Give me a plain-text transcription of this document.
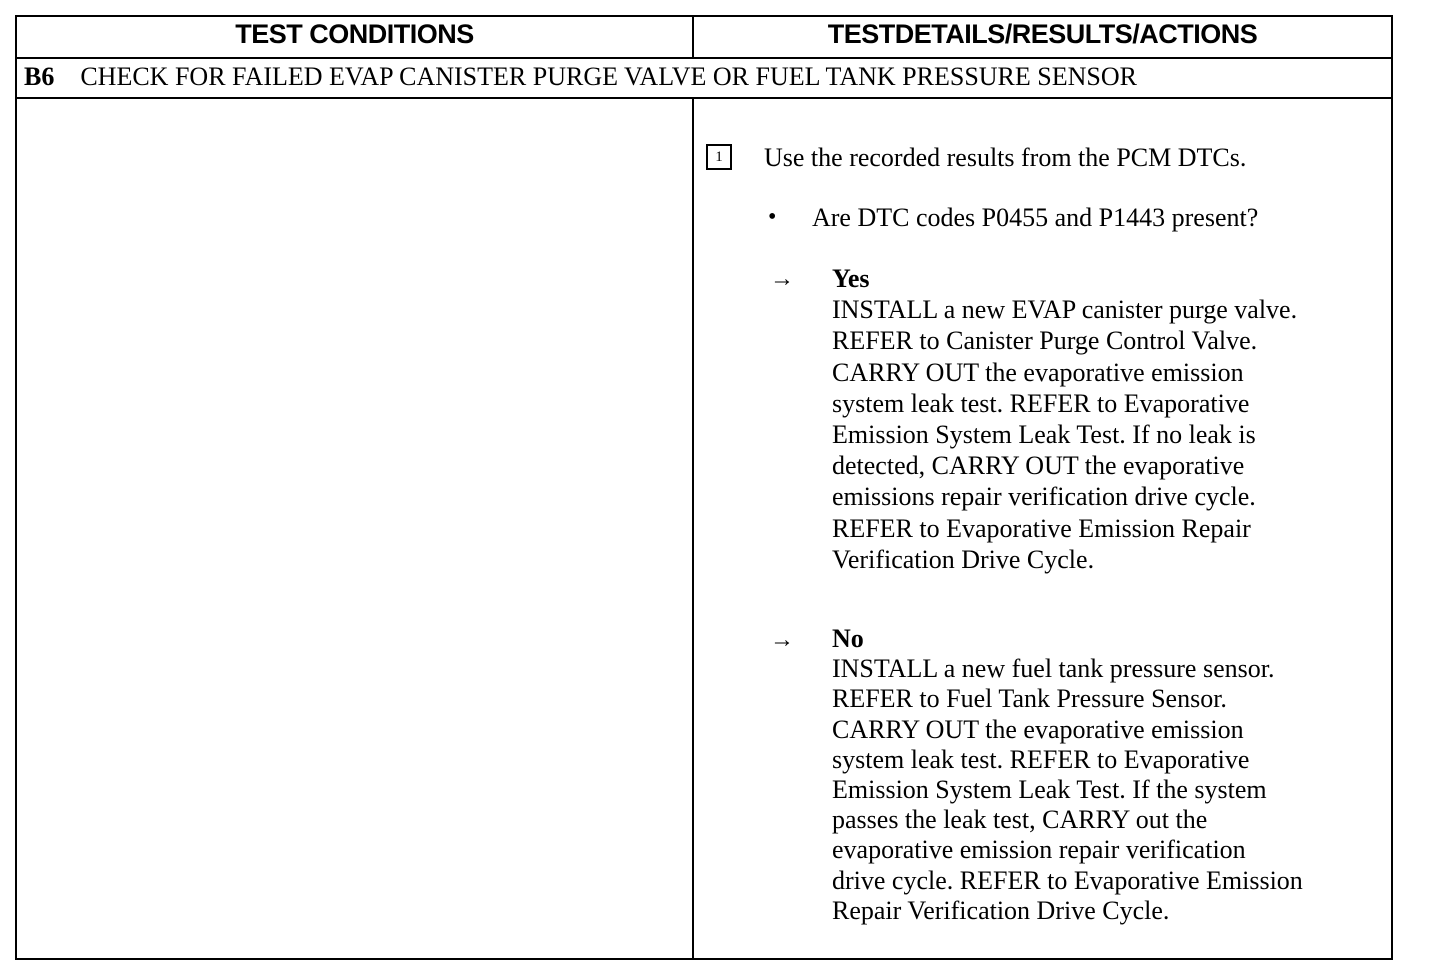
TEST CONDITIONS	TESTDETAILS/RESULTS/ACTIONS
B6 CHECK FOR FAILED EVAP CANISTER PURGE VALVE OR FUEL TANK PRESSURE SENSOR
1	Use the recorded results from the PCM DTCs.
• Are DTC codes P0455 and P1443 present?
→ Yes
INSTALL a new EVAP canister purge valve.
REFER to Canister Purge Control Valve.
CARRY OUT the evaporative emission
system leak test. REFER to Evaporative
Emission System Leak Test. If no leak is
detected, CARRY OUT the evaporative
emissions repair verification drive cycle.
REFER to Evaporative Emission Repair
Verification Drive Cycle.
→ No
INSTALL a new fuel tank pressure sensor.
REFER to Fuel Tank Pressure Sensor.
CARRY OUT the evaporative emission
system leak test. REFER to Evaporative
Emission System Leak Test. If the system
passes the leak test, CARRY out the
evaporative emission repair verification
drive cycle. REFER to Evaporative Emission
Repair Verification Drive Cycle.
